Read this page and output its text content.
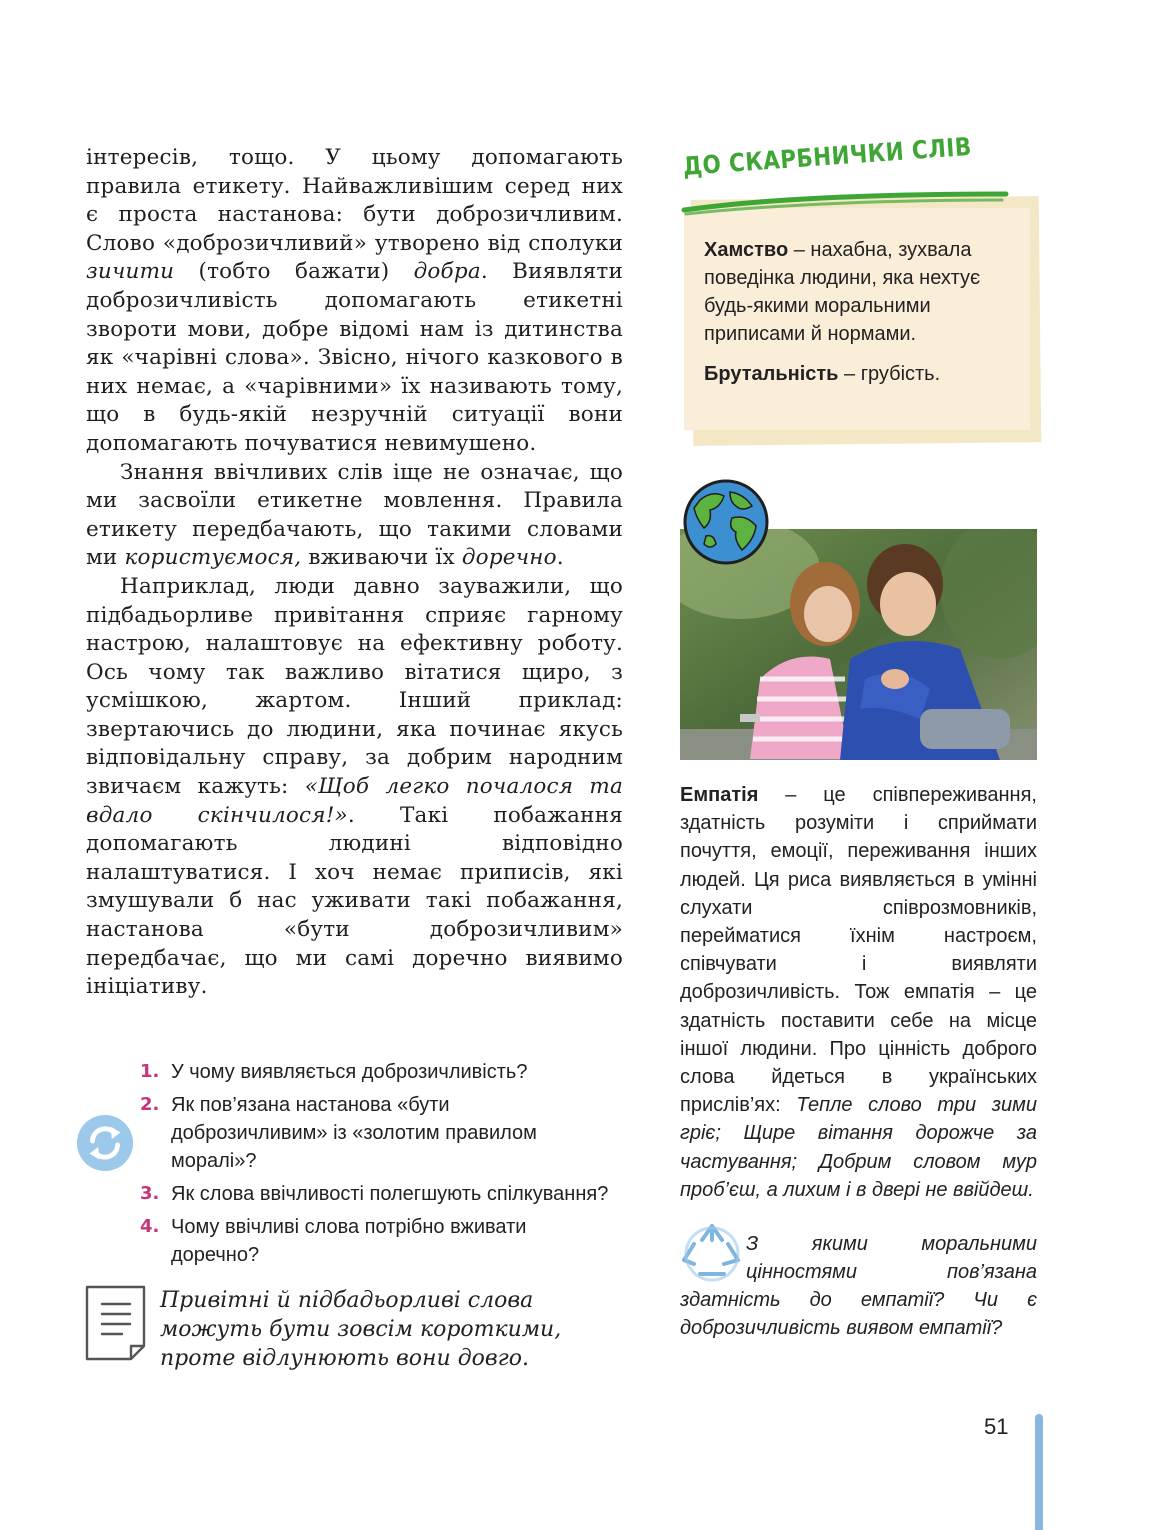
інтересів, тощо. У цьому допомагають правила етикету. Найважливішим серед них є проста настанова: бути доброзичливим. Слово «доброзичливий» утворено від сполуки зичити (тобто бажати) добра. Виявляти доброзичливість допомагають етикетні звороти мови, добре відомі нам із дитинства як «чарівні слова». Звісно, нічого казкового в них немає, а «чарівними» їх називають тому, що в будь-якій незручній ситуації вони допомагають почуватися невимушено.

Знання ввічливих слів іще не означає, що ми засвоїли етикетне мовлення. Правила етикету передбачають, що такими словами ми користуємося, вживаючи їх доречно.

Наприклад, люди давно зауважили, що підбадьорливе привітання сприяє гарному настрою, налаштовує на ефективну роботу. Ось чому так важливо вітатися щиро, з усмішкою, жартом. Інший приклад: звертаючись до людини, яка починає якусь відповідальну справу, за добрим народним звичаєм кажуть: «Щоб легко почалося та вдало скінчилося!». Такі побажання допомагають людині відповідно налаштуватися. І хоч немає приписів, які змушували б нас уживати такі побажання, настанова «бути доброзичливим» передбачає, що ми самі доречно виявимо ініціативу.

1. У чому виявляється доброзичливість?
2. Як пов’язана настанова «бути доброзичливим» із «золотим правилом моралі»?
3. Як слова ввічливості полегшують спілкування?
4. Чому ввічливі слова потрібно вживати доречно?
Привітні й підбадьорливі слова можуть бути зовсім короткими, проте відлунюють вони довго.
ДО СКАРБНИЧКИ СЛІВ

Хамство – нахабна, зухвала поведінка людини, яка нехтує будь-якими моральними приписами й нормами.

Брутальність – грубість.

Емпатія – це співпереживання, здатність розуміти і сприймати почуття, емоції, переживання інших людей. Ця риса виявляється в умінні слухати співрозмовників, перейматися їхнім настроєм, співчувати і виявляти доброзичливість. Тож емпатія – це здатність поставити себе на місце іншої людини. Про цінність доброго слова йдеться в українських прислів’ях: Тепле слово три зими гріє; Щире вітання дорожче за частування; Добрим словом мур проб’єш, а лихим і в двері не ввійдеш.

З якими моральними цінностями пов’язана здатність до емпатії? Чи є доброзичливість виявом емпатії?
51
